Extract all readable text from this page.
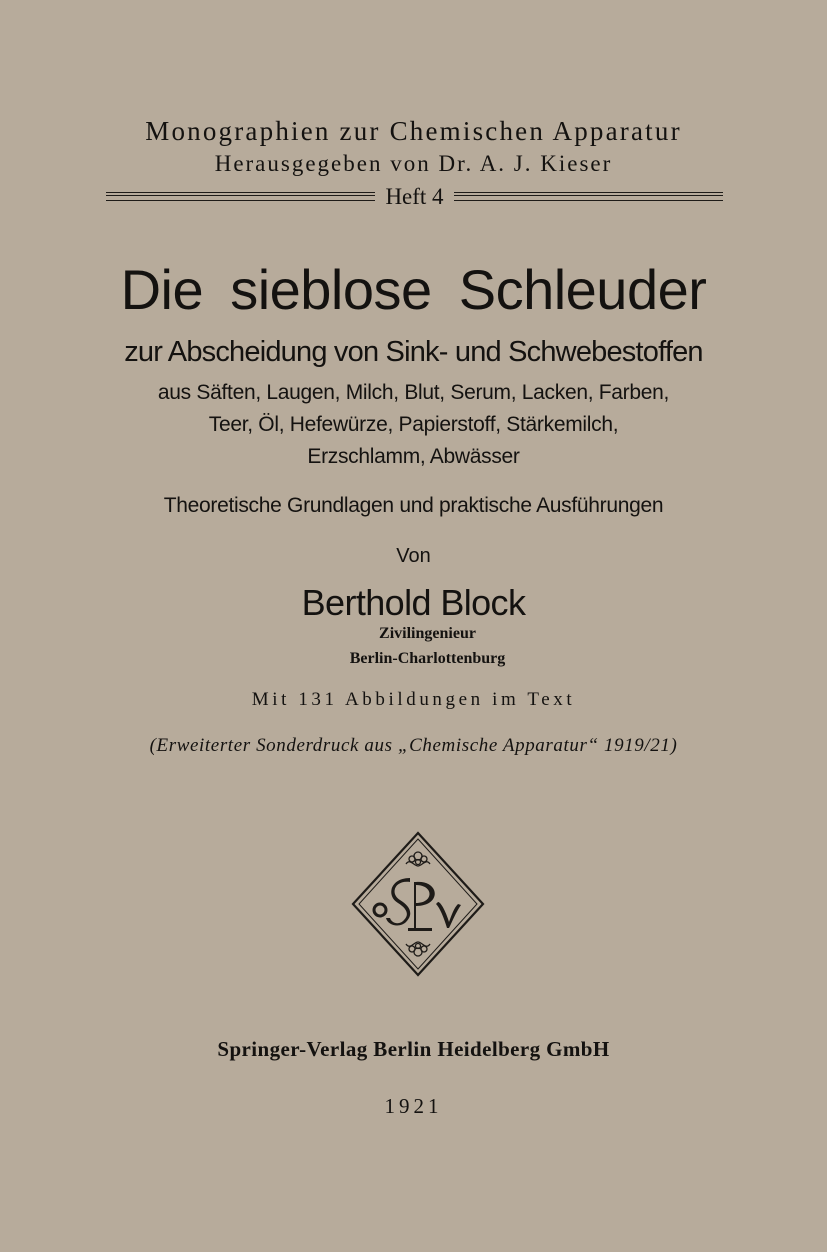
Monographien zur Chemischen Apparatur
Herausgegeben von Dr. A. J. Kieser
Heft 4
Die sieblose Schleuder
zur Abscheidung von Sink- und Schwebestoffen
aus Säften, Laugen, Milch, Blut, Serum, Lacken, Farben,
Teer, Öl, Hefewürze, Papierstoff, Stärkemilch,
Erzschlamm, Abwässer
Theoretische Grundlagen und praktische Ausführungen
Von
Berthold Block
Zivilingenieur
Berlin-Charlottenburg
Mit 131 Abbildungen im Text
(Erweiterter Sonderdruck aus „Chemische Apparatur“ 1919/21)
SPv
Springer-Verlag Berlin Heidelberg GmbH
1921
